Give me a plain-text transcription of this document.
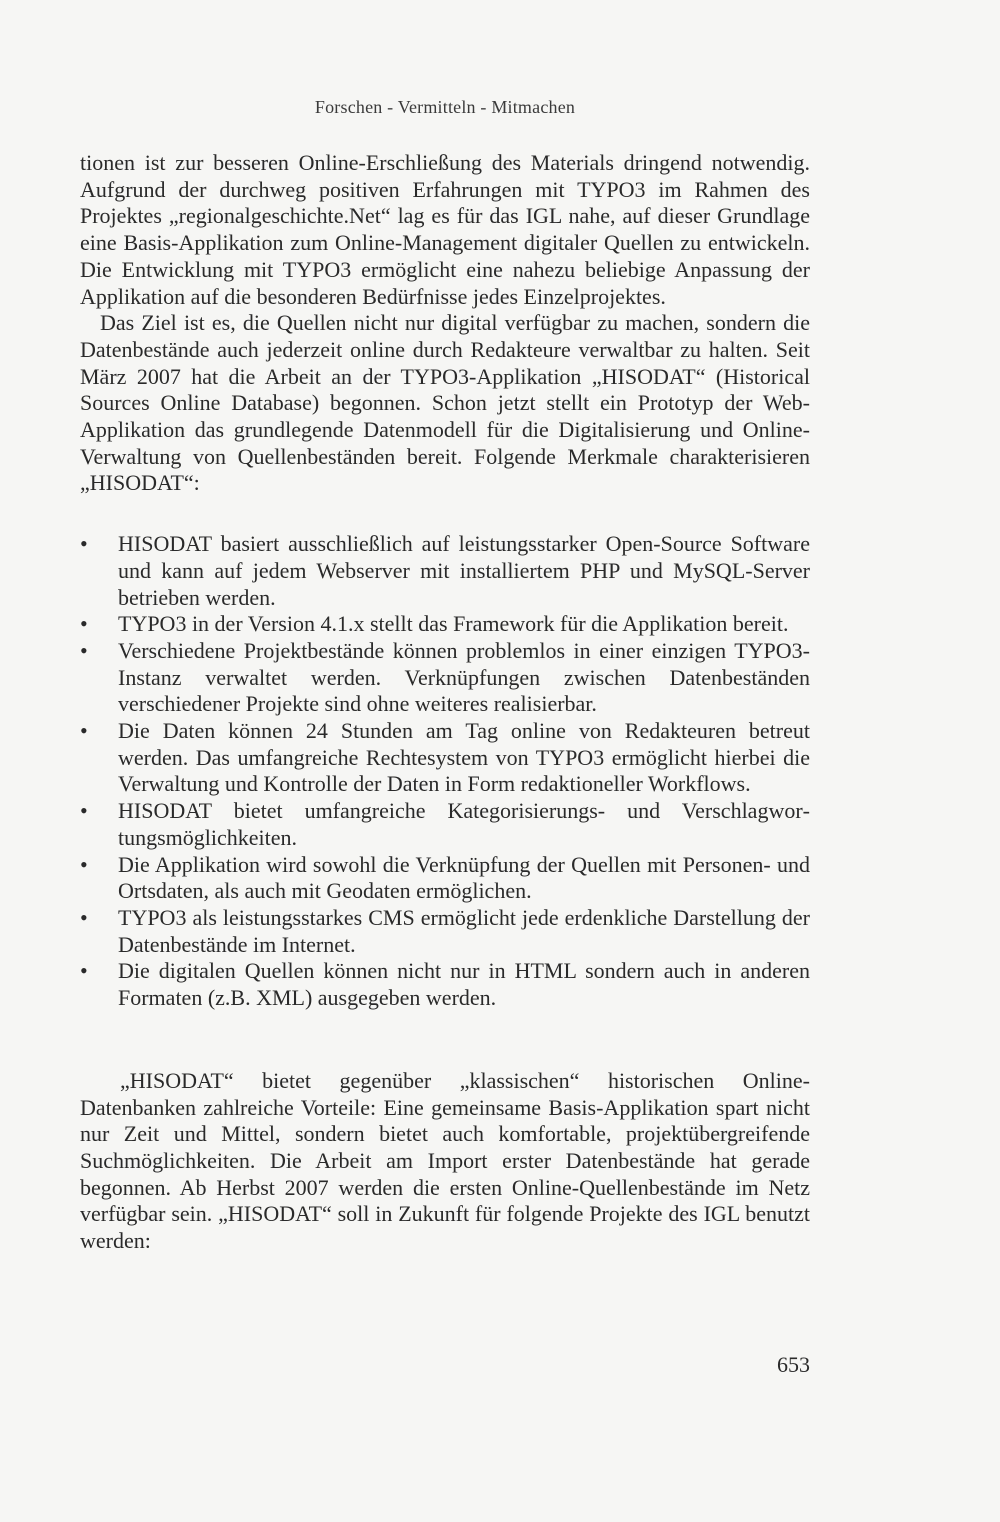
Forschen - Vermitteln - Mitmachen

tionen ist zur besseren Online-Erschließung des Materials dringend notwendig. Aufgrund der durchweg positiven Erfahrungen mit TYPO3 im Rahmen des Projektes „regionalgeschichte.Net“ lag es für das IGL nahe, auf dieser Grundlage eine Basis-Applikation zum Online-Management digitaler Quellen zu entwickeln. Die Entwicklung mit TYPO3 ermöglicht eine nahezu beliebige Anpassung der Applikation auf die besonderen Bedürfnisse jedes Einzelprojektes.

Das Ziel ist es, die Quellen nicht nur digital verfügbar zu machen, sondern die Datenbestände auch jederzeit online durch Redakteure verwaltbar zu halten. Seit März 2007 hat die Arbeit an der TYPO3-Applikation „HISODAT“ (Historical Sources Online Database) begonnen. Schon jetzt stellt ein Prototyp der Web-Applikation das grundlegende Datenmodell für die Digitalisierung und Online-Verwaltung von Quellenbeständen bereit. Folgende Merkmale charakterisieren „HISODAT“:

• HISODAT basiert ausschließlich auf leistungsstarker Open-Source Software und kann auf jedem Webserver mit installiertem PHP und MySQL-Server betrieben werden.
• TYPO3 in der Version 4.1.x stellt das Framework für die Applikation bereit.
• Verschiedene Projektbestände können problemlos in einer einzigen TYPO3-Instanz verwaltet werden. Verknüpfungen zwischen Datenbeständen verschiedener Projekte sind ohne weiteres realisierbar.
• Die Daten können 24 Stunden am Tag online von Redakteuren betreut werden. Das umfangreiche Rechtesystem von TYPO3 ermöglicht hierbei die Verwaltung und Kontrolle der Daten in Form redaktioneller Workflows.
• HISODAT bietet umfangreiche Kategorisierungs- und Verschlagwortungsmöglichkeiten.
• Die Applikation wird sowohl die Verknüpfung der Quellen mit Personen- und Ortsdaten, als auch mit Geodaten ermöglichen.
• TYPO3 als leistungsstarkes CMS ermöglicht jede erdenkliche Darstellung der Datenbestände im Internet.
• Die digitalen Quellen können nicht nur in HTML sondern auch in anderen Formaten (z.B. XML) ausgegeben werden.

„HISODAT“ bietet gegenüber „klassischen“ historischen Online-Datenbanken zahlreiche Vorteile: Eine gemeinsame Basis-Applikation spart nicht nur Zeit und Mittel, sondern bietet auch komfortable, projektübergreifende Suchmöglichkeiten. Die Arbeit am Import erster Datenbestände hat gerade begonnen. Ab Herbst 2007 werden die ersten Online-Quellenbestände im Netz verfügbar sein. „HISODAT“ soll in Zukunft für folgende Projekte des IGL benutzt werden:

653
